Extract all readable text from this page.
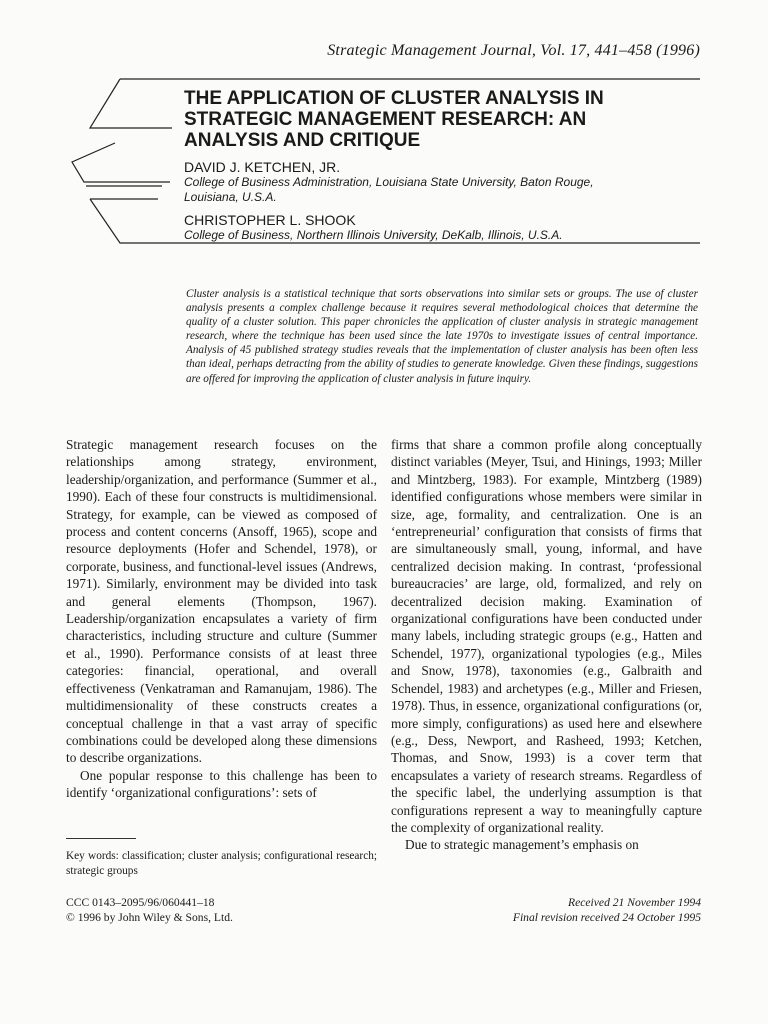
Strategic Management Journal, Vol. 17, 441–458 (1996)
THE APPLICATION OF CLUSTER ANALYSIS IN
STRATEGIC MANAGEMENT RESEARCH: AN
ANALYSIS AND CRITIQUE
DAVID J. KETCHEN, JR.
College of Business Administration, Louisiana State University, Baton Rouge,
Louisiana, U.S.A.
CHRISTOPHER L. SHOOK
College of Business, Northern Illinois University, DeKalb, Illinois, U.S.A.
Cluster analysis is a statistical technique that sorts observations into similar sets or groups. The use of cluster analysis presents a complex challenge because it requires several methodological choices that determine the quality of a cluster solution. This paper chronicles the application of cluster analysis in strategic management research, where the technique has been used since the late 1970s to investigate issues of central importance. Analysis of 45 published strategy studies reveals that the implementation of cluster analysis has been often less than ideal, perhaps detracting from the ability of studies to generate knowledge. Given these findings, suggestions are offered for improving the application of cluster analysis in future inquiry.

Strategic management research focuses on the relationships among strategy, environment, leadership/organization, and performance (Summer et al., 1990). Each of these four constructs is multidimensional. Strategy, for example, can be viewed as composed of process and content concerns (Ansoff, 1965), scope and resource deployments (Hofer and Schendel, 1978), or corporate, business, and functional-level issues (Andrews, 1971). Similarly, environment may be divided into task and general elements (Thompson, 1967). Leadership/organization encapsulates a variety of firm characteristics, including structure and culture (Summer et al., 1990). Performance consists of at least three categories: financial, operational, and overall effectiveness (Venkatraman and Ramanujam, 1986). The multidimensionality of these constructs creates a conceptual challenge in that a vast array of specific combinations could be developed along these dimensions to describe organizations.

One popular response to this challenge has been to identify ‘organizational configurations’: sets of

firms that share a common profile along conceptually distinct variables (Meyer, Tsui, and Hinings, 1993; Miller and Mintzberg, 1983). For example, Mintzberg (1989) identified configurations whose members were similar in size, age, formality, and centralization. One is an ‘entrepreneurial’ configuration that consists of firms that are simultaneously small, young, informal, and have centralized decision making. In contrast, ‘professional bureaucracies’ are large, old, formalized, and rely on decentralized decision making. Examination of organizational configurations have been conducted under many labels, including strategic groups (e.g., Hatten and Schendel, 1977), organizational typologies (e.g., Miles and Snow, 1978), taxonomies (e.g., Galbraith and Schendel, 1983) and archetypes (e.g., Miller and Friesen, 1978). Thus, in essence, organizational configurations (or, more simply, configurations) as used here and elsewhere (e.g., Dess, Newport, and Rasheed, 1993; Ketchen, Thomas, and Snow, 1993) is a cover term that encapsulates a variety of research streams. Regardless of the specific label, the underlying assumption is that configurations represent a way to meaningfully capture the complexity of organizational reality.

Due to strategic management’s emphasis on

Key words: classification; cluster analysis; configurational research; strategic groups
CCC 0143–2095/96/060441–18
© 1996 by John Wiley & Sons, Ltd.
Received 21 November 1994
Final revision received 24 October 1995
